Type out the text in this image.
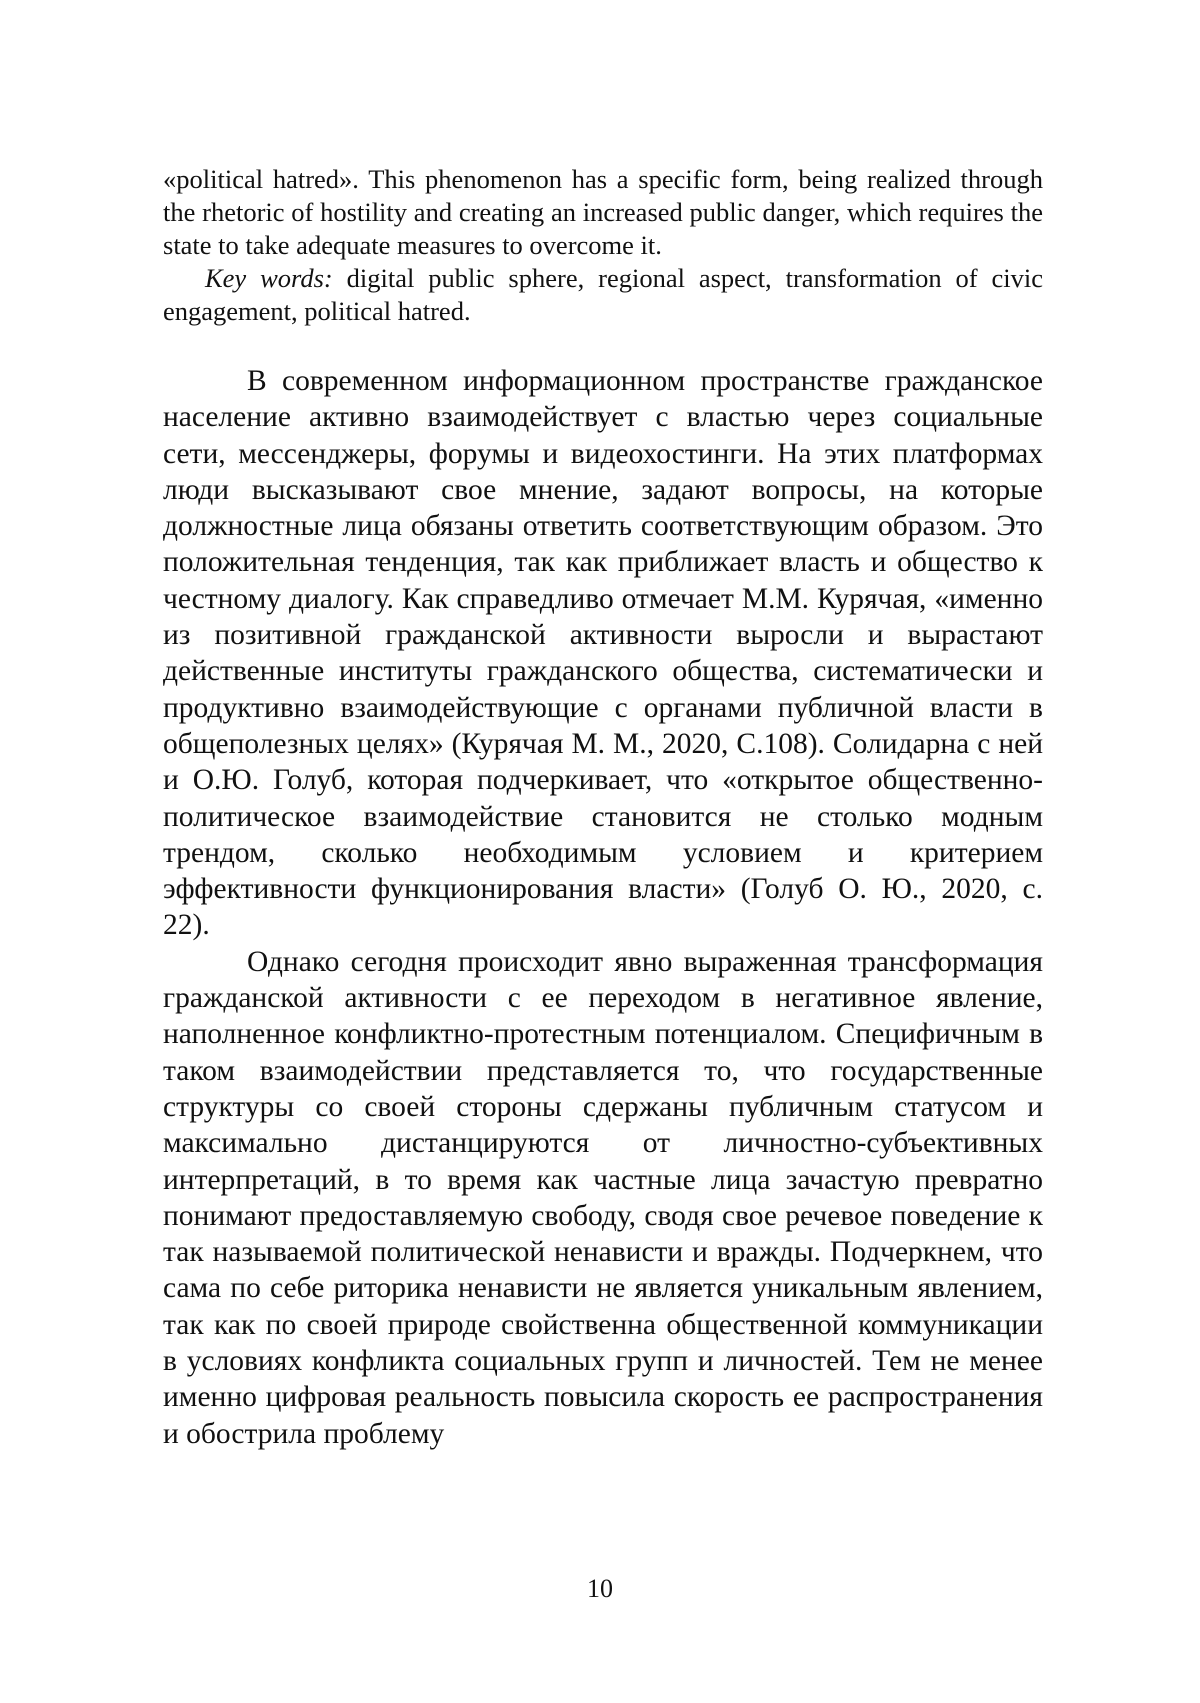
«political hatred». This phenomenon has a specific form, being realized through the rhetoric of hostility and creating an increased public danger, which requires the state to take adequate measures to overcome it.

Key words: digital public sphere, regional aspect, transformation of civic engagement, political hatred.

В современном информационном пространстве гражданское население активно взаимодействует с властью через социальные сети, мессенджеры, форумы и видеохостинги. На этих платформах люди высказывают свое мнение, задают вопросы, на которые должностные лица обязаны ответить соответствующим образом. Это положительная тенденция, так как приближает власть и общество к честному диалогу. Как справедливо отмечает М.М. Курячая, «именно из позитивной гражданской активности выросли и вырастают действенные институты гражданского общества, систематически и продуктивно взаимодействующие с органами публичной власти в общеполезных целях» (Курячая М. М., 2020, С.108). Солидарна с ней и О.Ю. Голуб, которая подчеркивает, что «открытое общественно-политическое взаимодействие становится не столько модным трендом, сколько необходимым условием и критерием эффективности функционирования власти» (Голуб О. Ю., 2020, с. 22).

Однако сегодня происходит явно выраженная трансформация гражданской активности с ее переходом в негативное явление, наполненное конфликтно-протестным потенциалом. Специфичным в таком взаимодействии представляется то, что государственные структуры со своей стороны сдержаны публичным статусом и максимально дистанцируются от личностно-субъективных интерпретаций, в то время как частные лица зачастую превратно понимают предоставляемую свободу, сводя свое речевое поведение к так называемой политической ненависти и вражды. Подчеркнем, что сама по себе риторика ненависти не является уникальным явлением, так как по своей природе свойственна общественной коммуникации в условиях конфликта социальных групп и личностей. Тем не менее именно цифровая реальность повысила скорость ее распространения и обострила проблему

10
